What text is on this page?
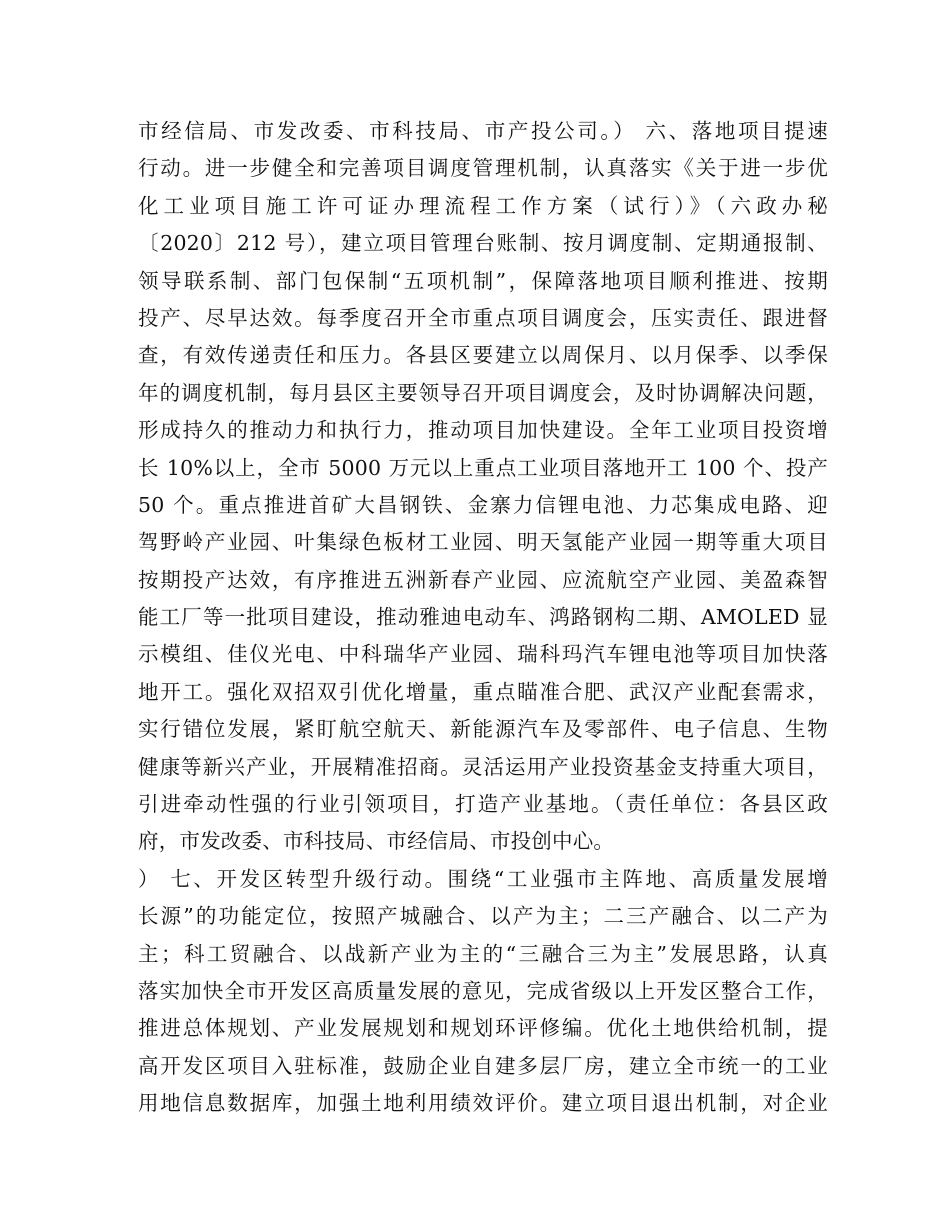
市经信局、市发改委、市科技局、市产投公司。） 六、落地项目提速
行动。进一步健全和完善项目调度管理机制，认真落实《关于进一步优
化工业项目施工许可证办理流程工作方案（试行）》（六政办秘
〔2020〕212 号），建立项目管理台账制、按月调度制、定期通报制、
领导联系制、部门包保制“五项机制”，保障落地项目顺利推进、按期
投产、尽早达效。每季度召开全市重点项目调度会，压实责任、跟进督
查，有效传递责任和压力。各县区要建立以周保月、以月保季、以季保
年的调度机制，每月县区主要领导召开项目调度会，及时协调解决问题，
形成持久的推动力和执行力，推动项目加快建设。全年工业项目投资增
长 10%以上，全市 5000 万元以上重点工业项目落地开工 100 个、投产
50 个。重点推进首矿大昌钢铁、金寨力信锂电池、力芯集成电路、迎
驾野岭产业园、叶集绿色板材工业园、明天氢能产业园一期等重大项目
按期投产达效，有序推进五洲新春产业园、应流航空产业园、美盈森智
能工厂等一批项目建设，推动雅迪电动车、鸿路钢构二期、AMOLED 显
示模组、佳仪光电、中科瑞华产业园、瑞科玛汽车锂电池等项目加快落
地开工。强化双招双引优化增量，重点瞄准合肥、武汉产业配套需求，
实行错位发展，紧盯航空航天、新能源汽车及零部件、电子信息、生物
健康等新兴产业，开展精准招商。灵活运用产业投资基金支持重大项目，
引进牵动性强的行业引领项目，打造产业基地。（责任单位：各县区政
府，市发改委、市科技局、市经信局、市投创中心。
） 七、开发区转型升级行动。围绕“工业强市主阵地、高质量发展增
长源”的功能定位，按照产城融合、以产为主；二三产融合、以二产为
主；科工贸融合、以战新产业为主的“三融合三为主”发展思路，认真
落实加快全市开发区高质量发展的意见，完成省级以上开发区整合工作，
推进总体规划、产业发展规划和规划环评修编。优化土地供给机制，提
高开发区项目入驻标准，鼓励企业自建多层厂房，建立全市统一的工业
用地信息数据库，加强土地利用绩效评价。建立项目退出机制，对企业
